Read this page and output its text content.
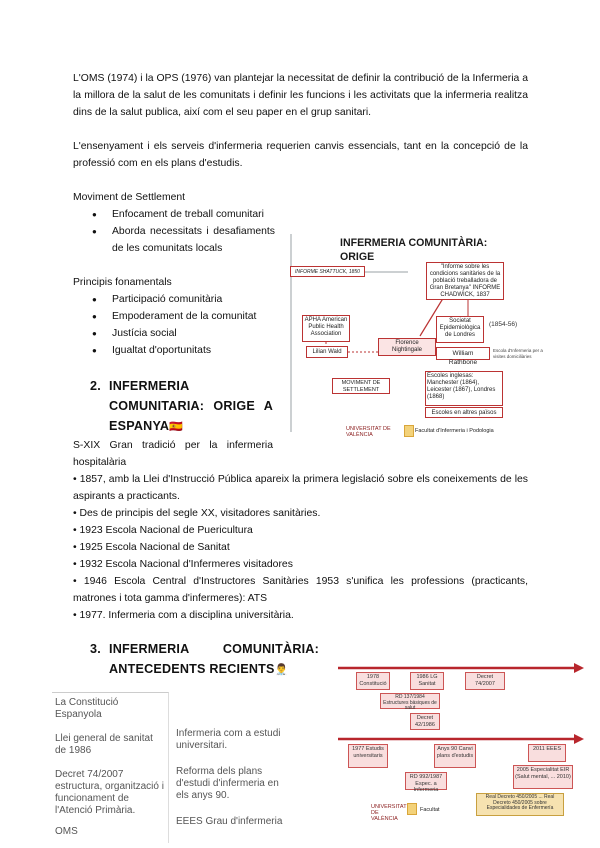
L'OMS (1974) i la OPS (1976) van plantejar la necessitat de definir la contribució de la Infermeria a la millora de la salut de les comunitats i definir les funcions i les activitats que la infermeria realitza dins de la salut publica, així com el seu paper en el grup sanitari.
L'ensenyament i els serveis d'infermeria requerien canvis essencials, tant en la concepció de la professió com en els plans d'estudis.
Moviment de Settlement
● Enfocament de treball comunitari
● Aborda necessitats i desafiaments de les comunitats locals
Principis fonamentals
● Participació comunitària
● Empoderament de la comunitat
● Justícia social
● Igualtat d'oportunitats
2. INFERMERIA
COMUNITARIA: ORIGE A
ESPANYA🇪🇸
S-XIX Gran tradició per la infermeria hospitalària
• 1857, amb la Llei d'Instrucció Pública apareix la primera legislació sobre els coneixements de les aspirants a practicants.
• Des de principis del segle XX, visitadores sanitàries.
• 1923 Escola Nacional de Puericultura
• 1925 Escola Nacional de Sanitat
• 1932 Escola Nacional d'Infermeres visitadores
• 1946 Escola Central d'Instructores Sanitàries 1953 s'unifica les professions (practicants, matrones i tota gamma d'infermeres): ATS
• 1977. Infermeria com a disciplina universitària.
3. INFERMERIA COMUNITÀRIA:
ANTECEDENTS RECIENTS👨‍⚕️
INFERMERIA COMUNITÀRIA:
ORIGE
INFORME SHATTUCK, 1850
"Informe sobre les condicions sanitàries de la població treballadora de Gran Bretanya" INFORME CHADWICK, 1837
APHA American Public Health Association
Lilian Wald
Florence Nightingale
Societat Epidemiològica de Londres
(1854-56)
William Rathbone
Escola d'Infermeria per a visites domiciliàries
Escoles inglesas: Manchester (1864), Leicester (1867), Londres (1868)
Escoles en altres països
MOVIMENT DE SETTLEMENT
UNIVERSITAT DE VALÈNCIA
Facultat d'Infermeria i Podologia
La Constitució Espanyola
Llei general de sanitat de 1986
Decret 74/2007 estructura, organització i funcionament de l'Atenció Primària.
OMS
Infermeria com a estudi universitari.
Reforma dels plans d'estudi d'infermeria en els anys 90.
EEES Grau d'infermeria
1978 Constitució
1986 LG Sanitat
Decret 74/2007
RD 137/1984 Estructures bàsiques de salut
Decret 42/1986
1977 Estudis universitaris
Anys 90 Canvi plans d'estudis
2011 EEES
RD 992/1987 Espec. a Infermeria
2005 Especialitat EIR (Salut mental, ... 2010)
Real Decreto 450/2005 ... Real Decreto 450/2005 sobre Especialidades de Enfermería
UNIVERSITAT DE VALÈNCIA
Facultat
